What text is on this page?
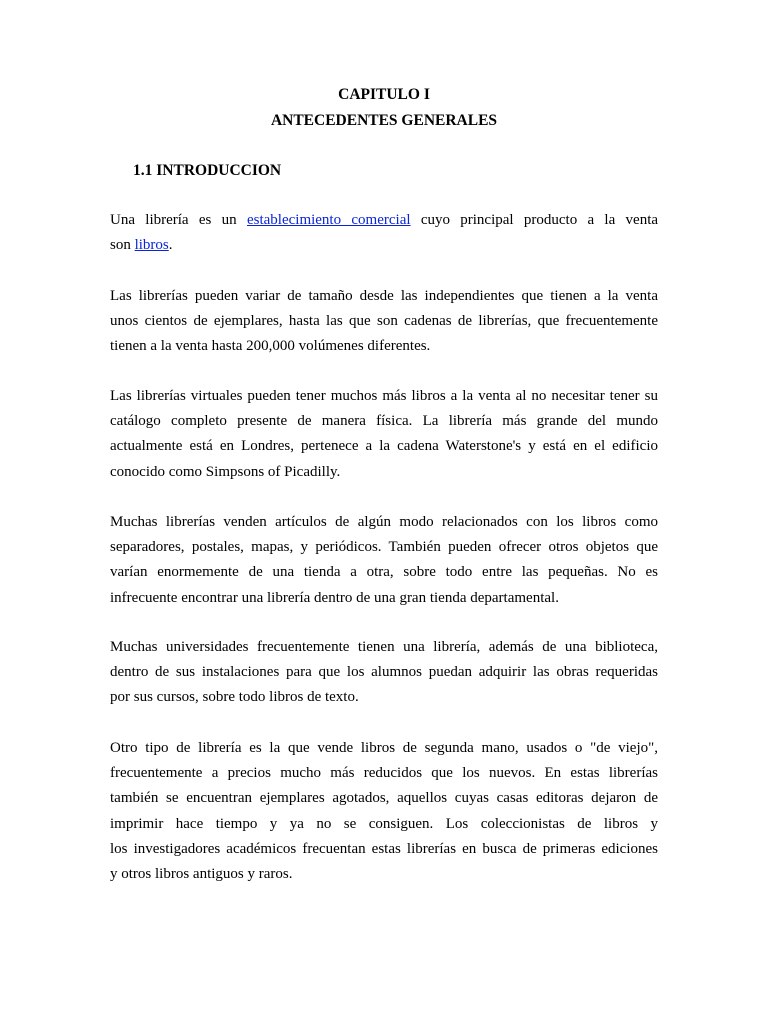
CAPITULO I
ANTECEDENTES GENERALES
1.1 INTRODUCCION
Una librería es un establecimiento comercial cuyo principal producto a la venta
son libros.
Las librerías pueden variar de tamaño desde las independientes que tienen a la venta
unos cientos de ejemplares, hasta las que son cadenas de librerías, que frecuentemente
tienen a la venta hasta 200,000 volúmenes diferentes.
Las librerías virtuales pueden tener muchos más libros a la venta al no necesitar tener su
catálogo completo presente de manera física. La librería más grande del mundo
actualmente está en Londres, pertenece a la cadena Waterstone's y está en el edificio
conocido como Simpsons of Picadilly.
Muchas librerías venden artículos de algún modo relacionados con los libros como
separadores, postales, mapas, y periódicos. También pueden ofrecer otros objetos que
varían enormemente de una tienda a otra, sobre todo entre las pequeñas. No es
infrecuente encontrar una librería dentro de una gran tienda departamental.
Muchas universidades frecuentemente tienen una librería, además de una biblioteca,
dentro de sus instalaciones para que los alumnos puedan adquirir las obras requeridas
por sus cursos, sobre todo libros de texto.
Otro tipo de librería es la que vende libros de segunda mano, usados o "de viejo",
frecuentemente a precios mucho más reducidos que los nuevos. En estas librerías
también se encuentran ejemplares agotados, aquellos cuyas casas editoras dejaron de
imprimir hace tiempo y ya no se consiguen. Los coleccionistas de libros y
los investigadores académicos frecuentan estas librerías en busca de primeras ediciones
y otros libros antiguos y raros.
